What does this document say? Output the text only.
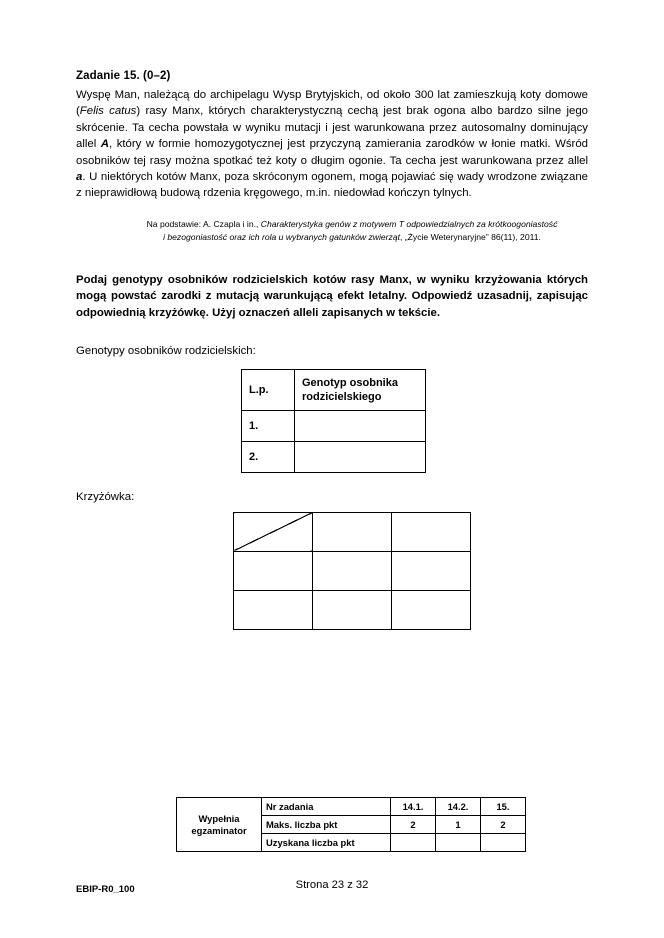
Zadanie 15. (0–2)

Wyspę Man, należącą do archipelagu Wysp Brytyjskich, od około 300 lat zamieszkują koty domowe (Felis catus) rasy Manx, których charakterystyczną cechą jest brak ogona albo bardzo silne jego skrócenie. Ta cecha powstała w wyniku mutacji i jest warunkowana przez autosomalny dominujący allel A, który w formie homozygotycznej jest przyczyną zamierania zarodków w łonie matki. Wśród osobników tej rasy można spotkać też koty o długim ogonie. Ta cecha jest warunkowana przez allel a. U niektórych kotów Manx, poza skróconym ogonem, mogą pojawiać się wady wrodzone związane z nieprawidłową budową rdzenia kręgowego, m.in. niedowład kończyn tylnych.

Na podstawie: A. Czapla i in., Charakterystyka genów z motywem T odpowiedzialnych za krótkoogoniastość
i bezogoniastość oraz ich rola u wybranych gatunków zwierząt, „Życie Weterynaryjne” 86(11), 2011.
Podaj genotypy osobników rodzicielskich kotów rasy Manx, w wyniku krzyżowania których mogą powstać zarodki z mutacją warunkującą efekt letalny. Odpowiedź uzasadnij, zapisując odpowiednią krzyżówkę. Użyj oznaczeń alleli zapisanych w tekście.
Genotypy osobników rodzicielskich:
L.p.	Genotyp osobnika rodzicielskiego
1.	
2.	
Krzyżówka:

Wypełnia
egzaminator	Nr zadania	14.1.	14.2.	15.
	Maks. liczba pkt	2	1	2
	Uzyskana liczba pkt			
EBIP-R0_100	Strona 23 z 32
